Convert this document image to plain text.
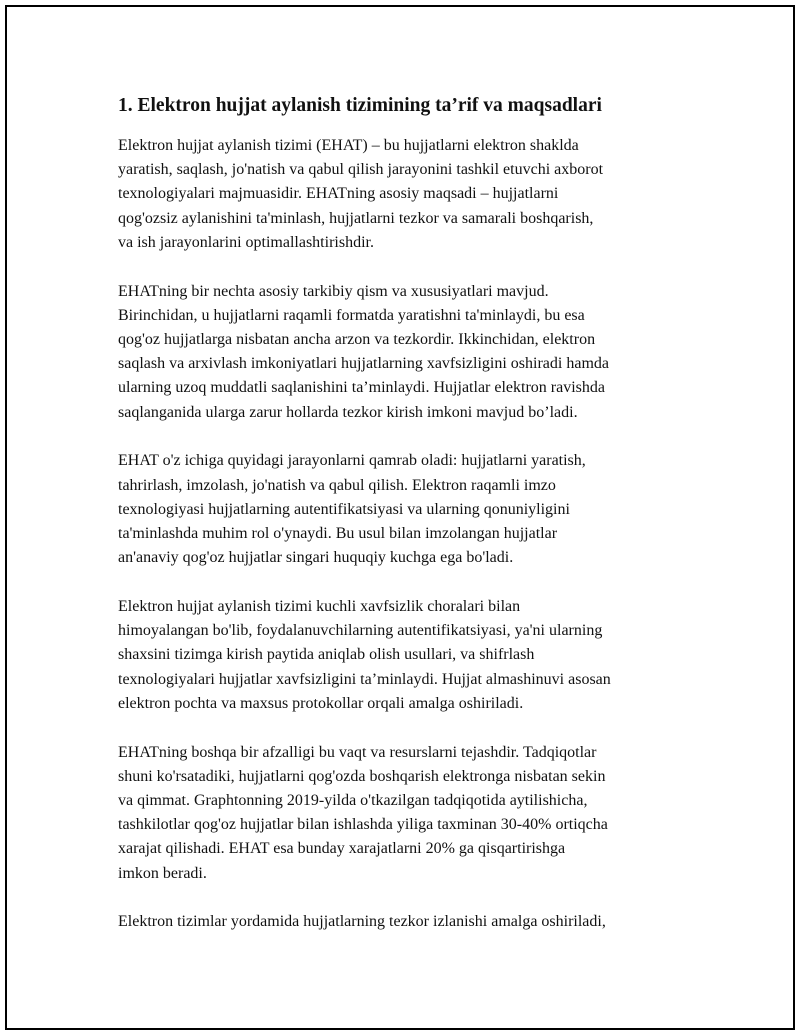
1. Elektron hujjat aylanish tizimining ta’rif va maqsadlari

Elektron hujjat aylanish tizimi (EHAT) – bu hujjatlarni elektron shaklda
yaratish, saqlash, jo'natish va qabul qilish jarayonini tashkil etuvchi axborot
texnologiyalari majmuasidir. EHATning asosiy maqsadi – hujjatlarni
qog'ozsiz aylanishini ta'minlash, hujjatlarni tezkor va samarali boshqarish,
va ish jarayonlarini optimallashtirishdir.

EHATning bir nechta asosiy tarkibiy qism va xususiyatlari mavjud.
Birinchidan, u hujjatlarni raqamli formatda yaratishni ta'minlaydi, bu esa
qog'oz hujjatlarga nisbatan ancha arzon va tezkordir. Ikkinchidan, elektron
saqlash va arxivlash imkoniyatlari hujjatlarning xavfsizligini oshiradi hamda
ularning uzoq muddatli saqlanishini ta’minlaydi. Hujjatlar elektron ravishda
saqlanganida ularga zarur hollarda tezkor kirish imkoni mavjud bo’ladi.

EHAT o'z ichiga quyidagi jarayonlarni qamrab oladi: hujjatlarni yaratish,
tahrirlash, imzolash, jo'natish va qabul qilish. Elektron raqamli imzo
texnologiyasi hujjatlarning autentifikatsiyasi va ularning qonuniyligini
ta'minlashda muhim rol o'ynaydi. Bu usul bilan imzolangan hujjatlar
an'anaviy qog'oz hujjatlar singari huquqiy kuchga ega bo'ladi.

Elektron hujjat aylanish tizimi kuchli xavfsizlik choralari bilan
himoyalangan bo'lib, foydalanuvchilarning autentifikatsiyasi, ya'ni ularning
shaxsini tizimga kirish paytida aniqlab olish usullari, va shifrlash
texnologiyalari hujjatlar xavfsizligini ta’minlaydi. Hujjat almashinuvi asosan
elektron pochta va maxsus protokollar orqali amalga oshiriladi.

EHATning boshqa bir afzalligi bu vaqt va resurslarni tejashdir. Tadqiqotlar
shuni ko'rsatadiki, hujjatlarni qog'ozda boshqarish elektronga nisbatan sekin
va qimmat. Graphtonning 2019-yilda o'tkazilgan tadqiqotida aytilishicha,
tashkilotlar qog'oz hujjatlar bilan ishlashda yiliga taxminan 30-40% ortiqcha
xarajat qilishadi. EHAT esa bunday xarajatlarni 20% ga qisqartirishga
imkon beradi.

Elektron tizimlar yordamida hujjatlarning tezkor izlanishi amalga oshiriladi,
